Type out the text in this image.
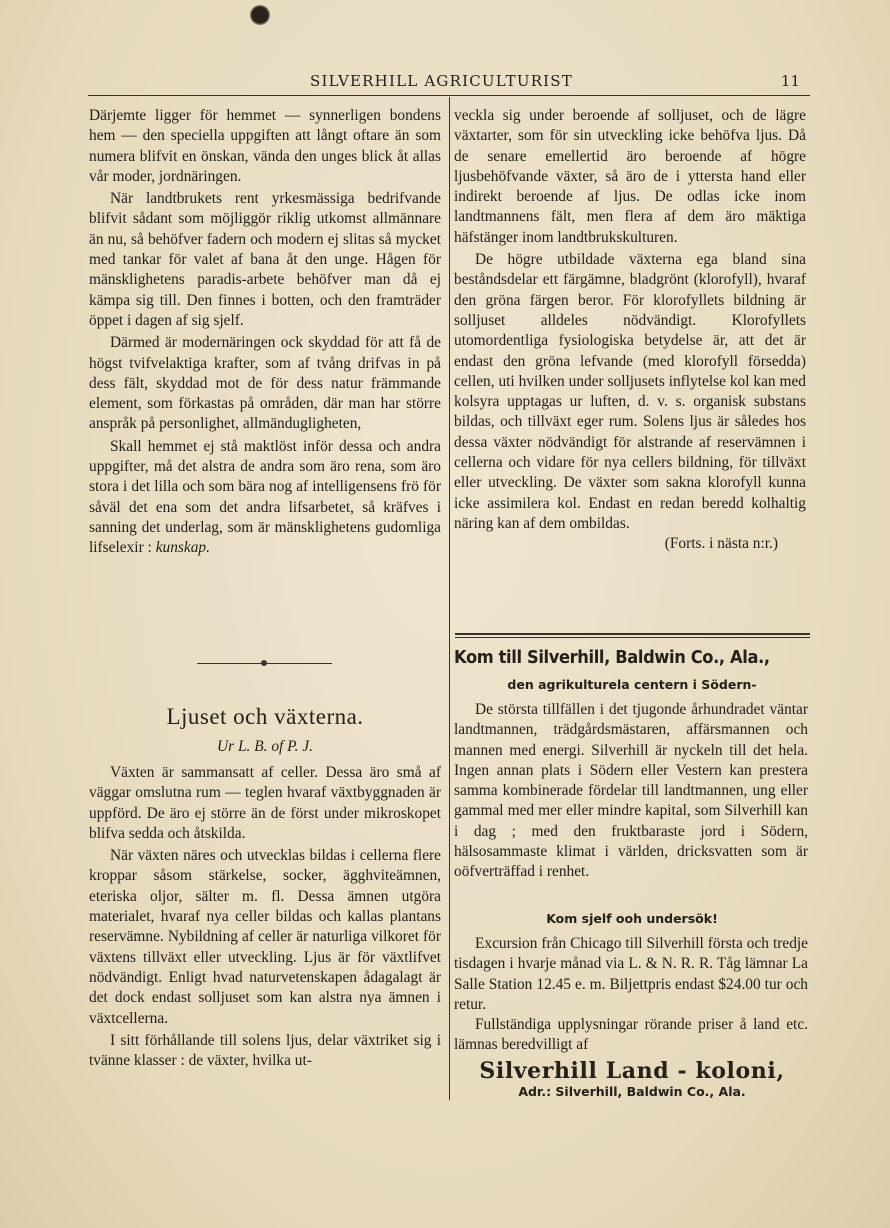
SILVERHILL AGRICULTURIST	11

Därjemte ligger för hemmet — synnerligen bondens hem — den speciella uppgiften att långt oftare än som numera blifvit en önskan, vända den unges blick åt allas vår moder, jordnäringen.

När landtbrukets rent yrkesmässiga bedrifvande blifvit sådant som möjliggör riklig utkomst allmännare än nu, så behöfver fadern och modern ej slitas så mycket med tankar för valet af bana åt den unge. Hågen för mänsklighetens paradis-arbete behöfver man då ej kämpa sig till. Den finnes i botten, och den framträder öppet i dagen af sig sjelf.

Därmed är modernäringen ock skyddad för att få de högst tvifvelaktiga krafter, som af tvång drifvas in på dess fält, skyddad mot de för dess natur främmande element, som förkastas på områden, där man har större anspråk på personlighet, allmändugligheten,

Skall hemmet ej stå maktlöst inför dessa och andra uppgifter, må det alstra de andra som äro rena, som äro stora i det lilla och som bära nog af intelligensens frö för såväl det ena som det andra lifsarbetet, så kräfves i sanning det underlag, som är mänsklighetens gudomliga lifselexir : kunskap.

Ljuset och växterna.
Ur L. B. of P. J.

Växten är sammansatt af celler. Dessa äro små af väggar omslutna rum — teglen hvaraf växtbyggnaden är uppförd. De äro ej större än de först under mikroskopet blifva sedda och åtskilda.

När växten näres och utvecklas bildas i cellerna flere kroppar såsom stärkelse, socker, ägghviteämnen, eteriska oljor, sälter m. fl. Dessa ämnen utgöra materialet, hvaraf nya celler bildas och kallas plantans reservämne. Nybildning af celler är naturliga vilkoret för växtens tillväxt eller utveckling. Ljus är för växtlifvet nödvändigt. Enligt hvad naturvetenskapen ådagalagt är det dock endast solljuset som kan alstra nya ämnen i växtcellerna.

I sitt förhållande till solens ljus, delar växtriket sig i tvänne klasser : de växter, hvilka ut-

veckla sig under beroende af solljuset, och de lägre växtarter, som för sin utveckling icke behöfva ljus. Då de senare emellertid äro beroende af högre ljusbehöfvande växter, så äro de i yttersta hand eller indirekt beroende af ljus. De odlas icke inom landtmannens fält, men flera af dem äro mäktiga häfstänger inom landtbrukskulturen.

De högre utbildade växterna ega bland sina beståndsdelar ett färgämne, bladgrönt (klorofyll), hvaraf den gröna färgen beror. För klorofyllets bildning är solljuset alldeles nödvändigt. Klorofyllets utomordentliga fysiologiska betydelse är, att det är endast den gröna lefvande (med klorofyll försedda) cellen, uti hvilken under solljusets inflytelse kol kan med kolsyra upptagas ur luften, d. v. s. organisk substans bildas, och tillväxt eger rum. Solens ljus är således hos dessa växter nödvändigt för alstrande af reservämnen i cellerna och vidare för nya cellers bildning, för tillväxt eller utveckling. De växter som sakna klorofyll kunna icke assimilera kol. Endast en redan beredd kolhaltig näring kan af dem ombildas.

(Forts. i nästa n:r.)

Kom till Silverhill, Baldwin Co., Ala.,
den agrikulturela centern i Södern-

De största tillfällen i det tjugonde århundradet väntar landtmannen, trädgårdsmästaren, affärsmannen och mannen med energi. Silverhill är nyckeln till det hela. Ingen annan plats i Södern eller Vestern kan prestera samma kombinerade fördelar till landtmannen, ung eller gammal med mer eller mindre kapital, som Silverhill kan i dag ; med den fruktbaraste jord i Södern, hälsosammaste klimat i världen, dricksvatten som är oöfverträffad i renhet.

Kom sjelf ooh undersök!

Excursion från Chicago till Silverhill första och tredje tisdagen i hvarje månad via L. & N. R. R. Tåg lämnar La Salle Station 12.45 e. m. Biljettpris endast $24.00 tur och retur.

Fullständiga upplysningar rörande priser å land etc. lämnas beredvilligt af

Silverhill Land - koloni,
Adr.: Silverhill, Baldwin Co., Ala.
